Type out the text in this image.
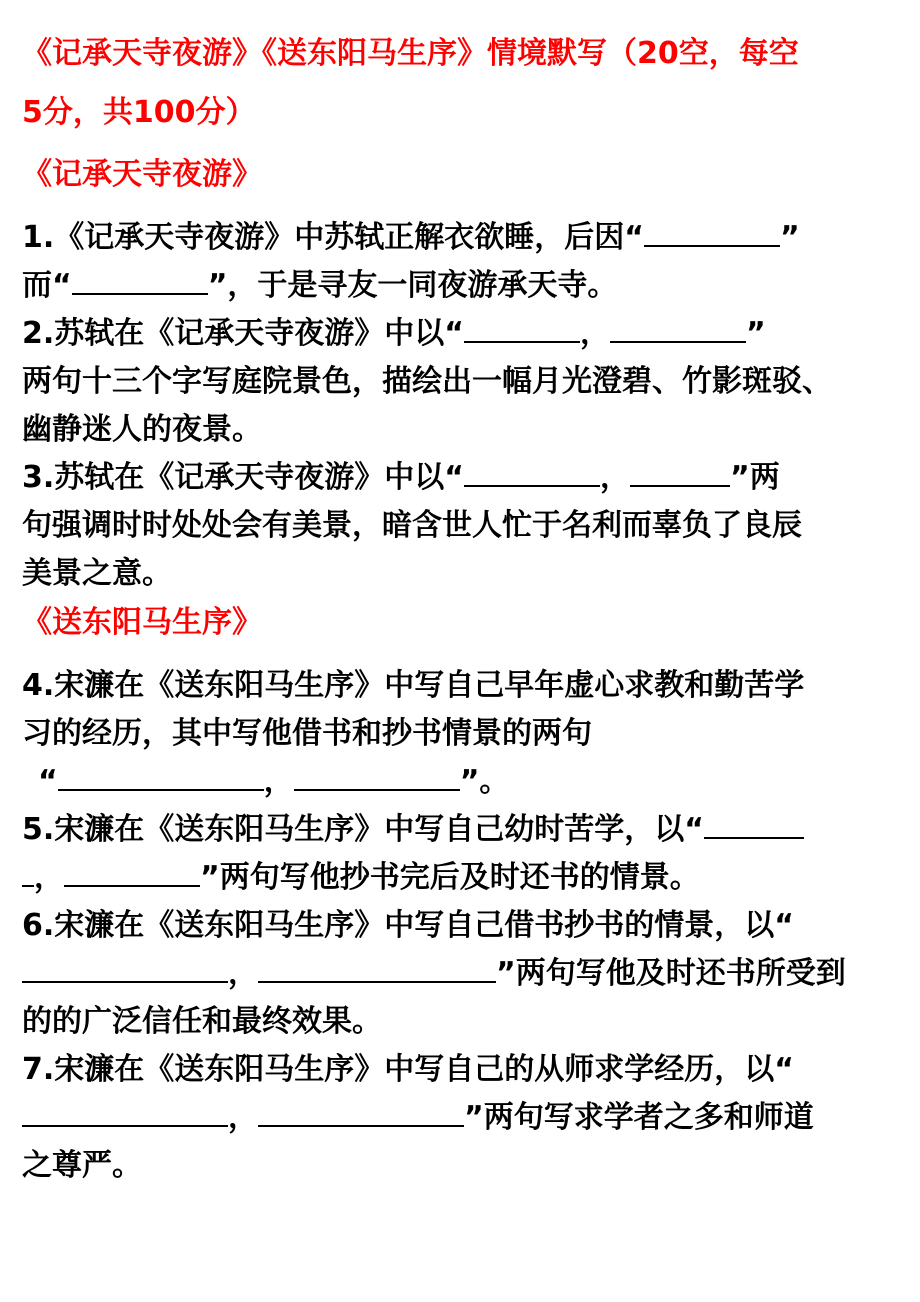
《记承天寺夜游》《送东阳马生序》情境默写（20空，每空
5分，共100分）
《记承天寺夜游》
1.《记承天寺夜游》中苏轼正解衣欲睡，后因“	”
而“	”，于是寻友一同夜游承天寺。
2.苏轼在《记承天寺夜游》中以“	，	”
两句十三个字写庭院景色，描绘出一幅月光澄碧、竹影斑驳、
幽静迷人的夜景。
3.苏轼在《记承天寺夜游》中以“	，	”两
句强调时时处处会有美景，暗含世人忙于名利而辜负了良辰
美景之意。
《送东阳马生序》
4.宋濂在《送东阳马生序》中写自己早年虚心求教和勤苦学
习的经历，其中写他借书和抄书情景的两句
“	，	”。
5.宋濂在《送东阳马生序》中写自己幼时苦学，以“
，	”两句写他抄书完后及时还书的情景。
6.宋濂在《送东阳马生序》中写自己借书抄书的情景，以“
，	”两句写他及时还书所受到
的的广泛信任和最终效果。
7.宋濂在《送东阳马生序》中写自己的从师求学经历，以“
，	”两句写求学者之多和师道
之尊严。
